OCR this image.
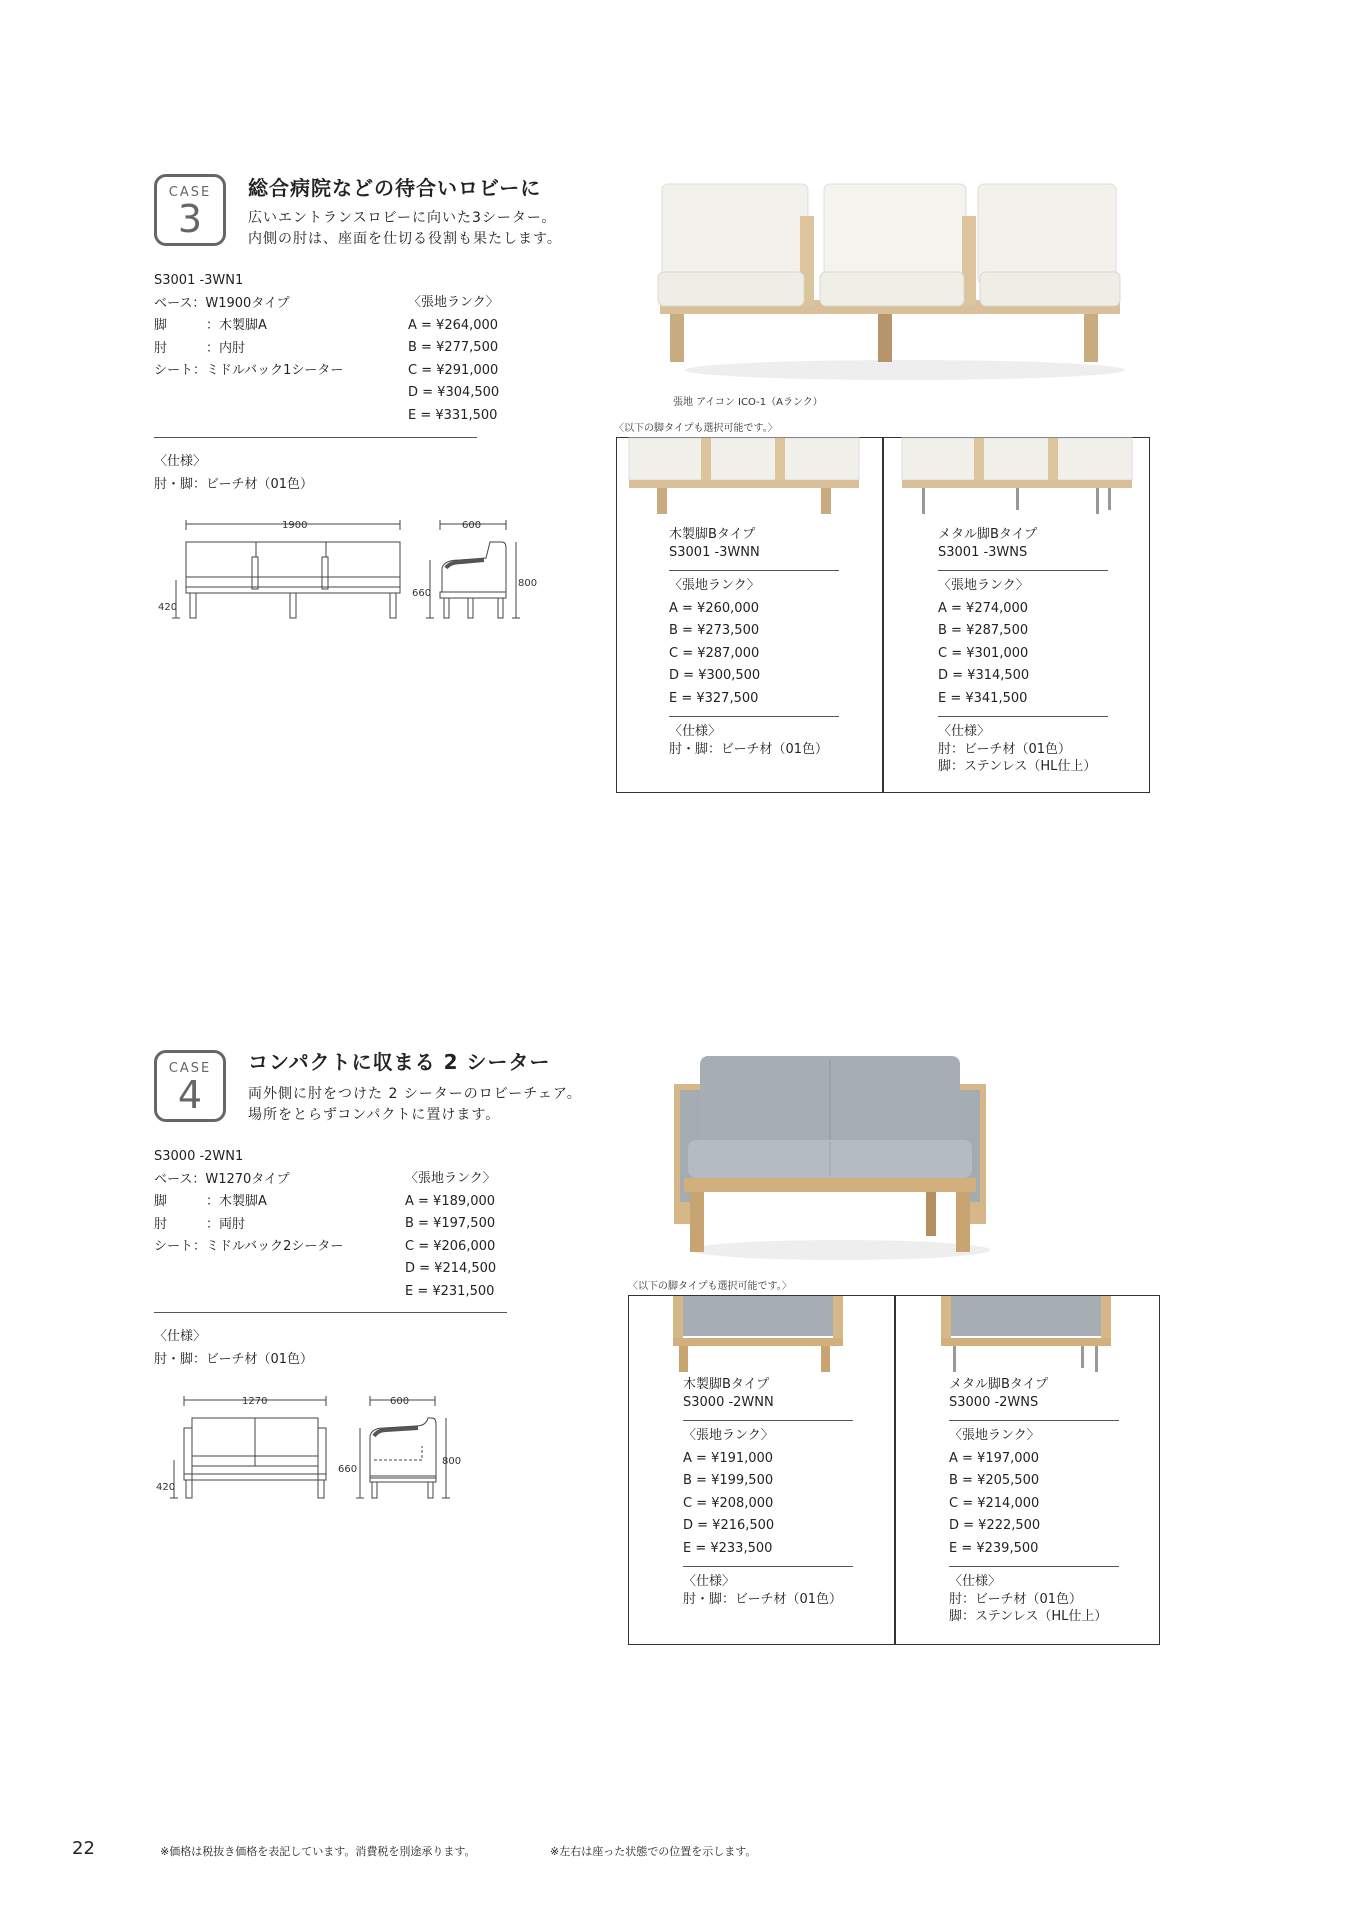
CASE
3
総合病院などの待合いロビーに
広いエントランスロビーに向いた3シーター。
内側の肘は、座面を仕切る役割も果たします。
S3001 -3WN1
ベース：W1900タイプ
脚	：木製脚A
肘	：内肘
シート：ミドルバック1シーター
〈張地ランク〉
A = ¥264,000
B = ¥277,500
C = ¥291,000
D = ¥304,500
E = ¥331,500
〈仕様〉
肘・脚：ビーチ材（01色）
1900	600
420
660
800
張地 アイコン ICO-1（Aランク）
〈以下の脚タイプも選択可能です。〉
木製脚Bタイプ
S3001 -3WNN
〈張地ランク〉
A = ¥260,000
B = ¥273,500
C = ¥287,000
D = ¥300,500
E = ¥327,500
〈仕様〉
肘・脚：ビーチ材（01色）
メタル脚Bタイプ
S3001 -3WNS
〈張地ランク〉
A = ¥274,000
B = ¥287,500
C = ¥301,000
D = ¥314,500
E = ¥341,500
〈仕様〉
肘：ビーチ材（01色）
脚：ステンレス（HL仕上）
CASE
4
コンパクトに収まる 2 シーター
両外側に肘をつけた 2 シーターのロビーチェア。
場所をとらずコンパクトに置けます。
S3000 -2WN1
ベース：W1270タイプ
脚	：木製脚A
肘	：両肘
シート：ミドルバック2シーター
〈張地ランク〉
A = ¥189,000
B = ¥197,500
C = ¥206,000
D = ¥214,500
E = ¥231,500
〈仕様〉
肘・脚：ビーチ材（01色）
1270	600
420
660
800
〈以下の脚タイプも選択可能です。〉
木製脚Bタイプ
S3000 -2WNN
〈張地ランク〉
A = ¥191,000
B = ¥199,500
C = ¥208,000
D = ¥216,500
E = ¥233,500
〈仕様〉
肘・脚：ビーチ材（01色）
メタル脚Bタイプ
S3000 -2WNS
〈張地ランク〉
A = ¥197,000
B = ¥205,500
C = ¥214,000
D = ¥222,500
E = ¥239,500
〈仕様〉
肘：ビーチ材（01色）
脚：ステンレス（HL仕上）
22	※価格は税抜き価格を表記しています。消費税を別途承ります。	※左右は座った状態での位置を示します。
